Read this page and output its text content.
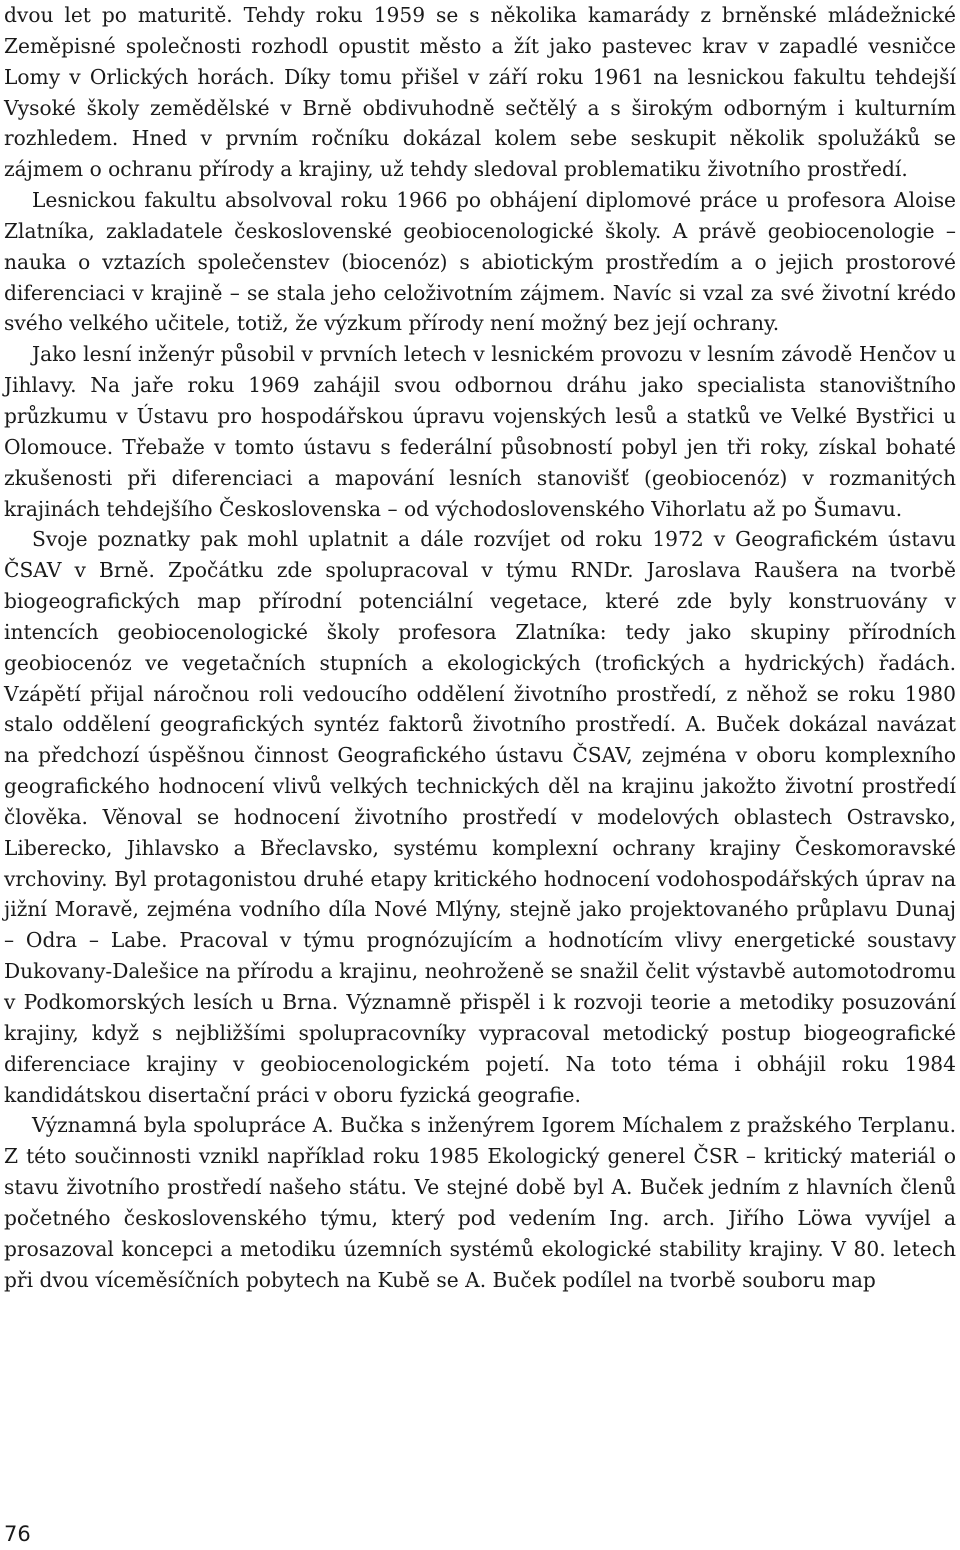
dvou let po maturitě. Tehdy roku 1959 se s několika kamarády z brněnské mládežnické Zeměpisné společnosti rozhodl opustit město a žít jako pastevec krav v zapadlé vesničce Lomy v Orlických horách. Díky tomu přišel v září roku 1961 na lesnickou fakultu tehdejší Vysoké školy zemědělské v Brně obdivuhodně sečtělý a s širokým odborným i kulturním rozhledem. Hned v prvním ročníku dokázal kolem sebe seskupit několik spolužáků se zájmem o ochranu přírody a krajiny, už tehdy sledoval problematiku životního prostředí.

Lesnickou fakultu absolvoval roku 1966 po obhájení diplomové práce u profesora Aloise Zlatníka, zakladatele československé geobiocenologické školy. A právě geobiocenologie – nauka o vztazích společenstev (biocenóz) s abiotickým prostředím a o jejich prostorové diferenciaci v krajině – se stala jeho celoživotním zájmem. Navíc si vzal za své životní krédo svého velkého učitele, totiž, že výzkum přírody není možný bez její ochrany.

Jako lesní inženýr působil v prvních letech v lesnickém provozu v lesním závodě Henčov u Jihlavy. Na jaře roku 1969 zahájil svou odbornou dráhu jako specialista stanovištního průzkumu v Ústavu pro hospodářskou úpravu vojenských lesů a statků ve Velké Bystřici u Olomouce. Třebaže v tomto ústavu s federální působností pobyl jen tři roky, získal bohaté zkušenosti při diferenciaci a mapování lesních stanovišť (geobiocenóz) v rozmanitých krajinách tehdejšího Československa – od východoslovenského Vihorlatu až po Šumavu.

Svoje poznatky pak mohl uplatnit a dále rozvíjet od roku 1972 v Geografickém ústavu ČSAV v Brně. Zpočátku zde spolupracoval v týmu RNDr. Jaroslava Raušera na tvorbě biogeografických map přírodní potenciální vegetace, které zde byly konstruovány v intencích geobiocenologické školy profesora Zlatníka: tedy jako skupiny přírodních geobiocenóz ve vegetačních stupních a ekologických (trofických a hydrických) řadách. Vzápětí přijal náročnou roli vedoucího oddělení životního prostředí, z něhož se roku 1980 stalo oddělení geografických syntéz faktorů životního prostředí. A. Buček dokázal navázat na předchozí úspěšnou činnost Geografického ústavu ČSAV, zejména v oboru komplexního geografického hodnocení vlivů velkých technických děl na krajinu jakožto životní prostředí člověka. Věnoval se hodnocení životního prostředí v modelových oblastech Ostravsko, Liberecko, Jihlavsko a Břeclavsko, systému komplexní ochrany krajiny Českomoravské vrchoviny. Byl protagonistou druhé etapy kritického hodnocení vodohospodářských úprav na jižní Moravě, zejména vodního díla Nové Mlýny, stejně jako projektovaného průplavu Dunaj – Odra – Labe. Pracoval v týmu prognózujícím a hodnotícím vlivy energetické soustavy Dukovany-Dalešice na přírodu a krajinu, neohroženě se snažil čelit výstavbě automotodromu v Podkomorských lesích u Brna. Významně přispěl i k rozvoji teorie a metodiky posuzování krajiny, když s nejbližšími spolupracovníky vypracoval metodický postup biogeografické diferenciace krajiny v geobiocenologickém pojetí. Na toto téma i obhájil roku 1984 kandidátskou disertační práci v oboru fyzická geografie.

Významná byla spolupráce A. Bučka s inženýrem Igorem Míchalem z pražského Terplanu. Z této součinnosti vznikl například roku 1985 Ekologický generel ČSR – kritický materiál o stavu životního prostředí našeho státu. Ve stejné době byl A. Buček jedním z hlavních členů početného československého týmu, který pod vedením Ing. arch. Jiřího Löwa vyvíjel a prosazoval koncepci a metodiku územních systémů ekologické stability krajiny. V 80. letech při dvou víceměsíčních pobytech na Kubě se A. Buček podílel na tvorbě souboru map

76
